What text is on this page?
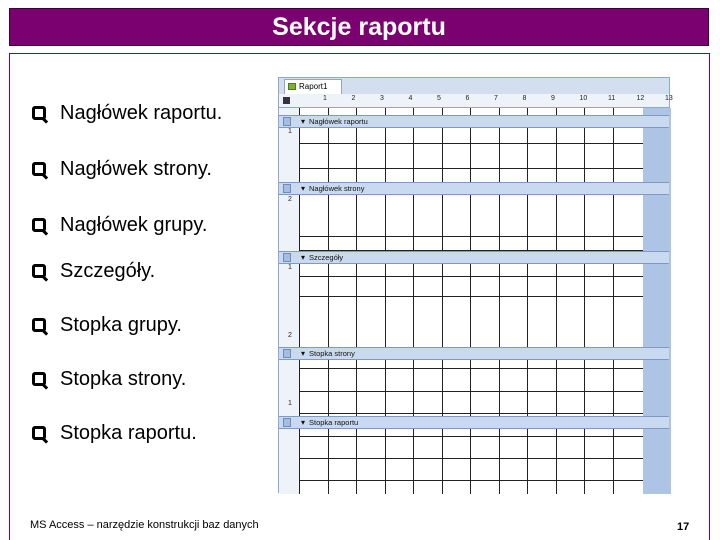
Sekcje raportu
Nagłówek raportu.
Nagłówek strony.
Nagłówek grupy.
Szczegóły.
Stopka grupy.
Stopka strony.
Stopka raportu.
Raport1
1	2	3	4	5	6	7	8	9	10	11	12	13
1
2
1
2
1
▾ Nagłówek raportu
▾ Nagłówek strony
▾ Szczegóły
▾ Stopka strony
▾ Stopka raportu
MS Access – narzędzie konstrukcji baz danych	17
